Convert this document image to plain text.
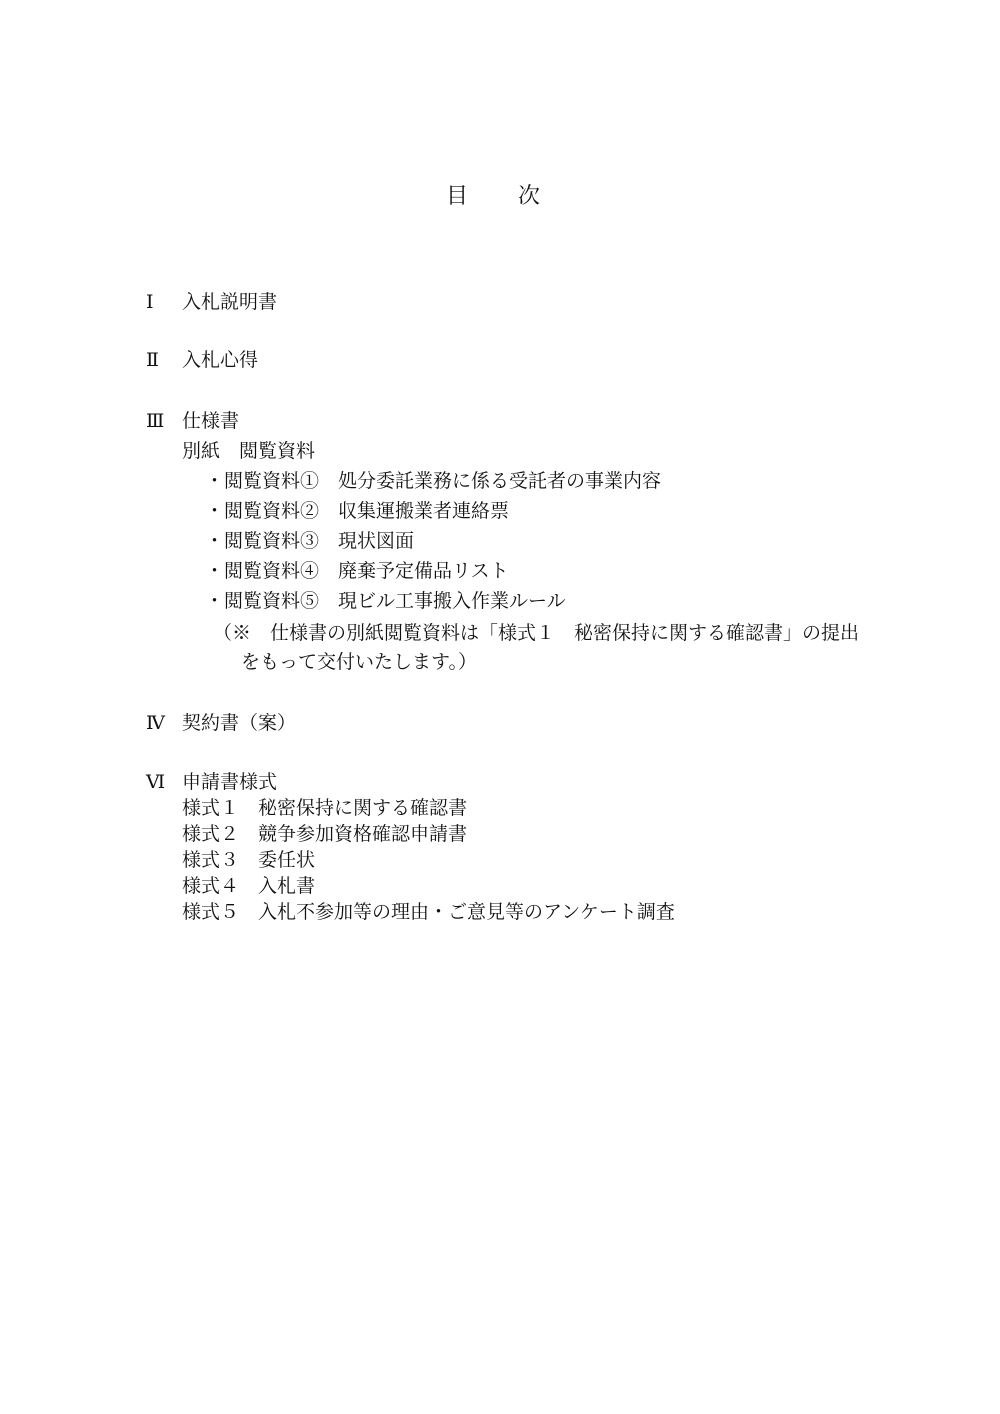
目　次
Ⅰ	入札説明書
Ⅱ	入札心得
Ⅲ 仕様書
別紙　閲覧資料
・閲覧資料①　処分委託業務に係る受託者の事業内容
・閲覧資料②　収集運搬業者連絡票
・閲覧資料③　現状図面
・閲覧資料④　廃棄予定備品リスト
・閲覧資料⑤　現ビル工事搬入作業ルール
（※　仕様書の別紙閲覧資料は「様式１　秘密保持に関する確認書」の提出
をもって交付いたします。）
Ⅳ 契約書（案）
Ⅵ 申請書様式
様式１　秘密保持に関する確認書
様式２　競争参加資格確認申請書
様式３　委任状
様式４　入札書
様式５　入札不参加等の理由・ご意見等のアンケート調査
